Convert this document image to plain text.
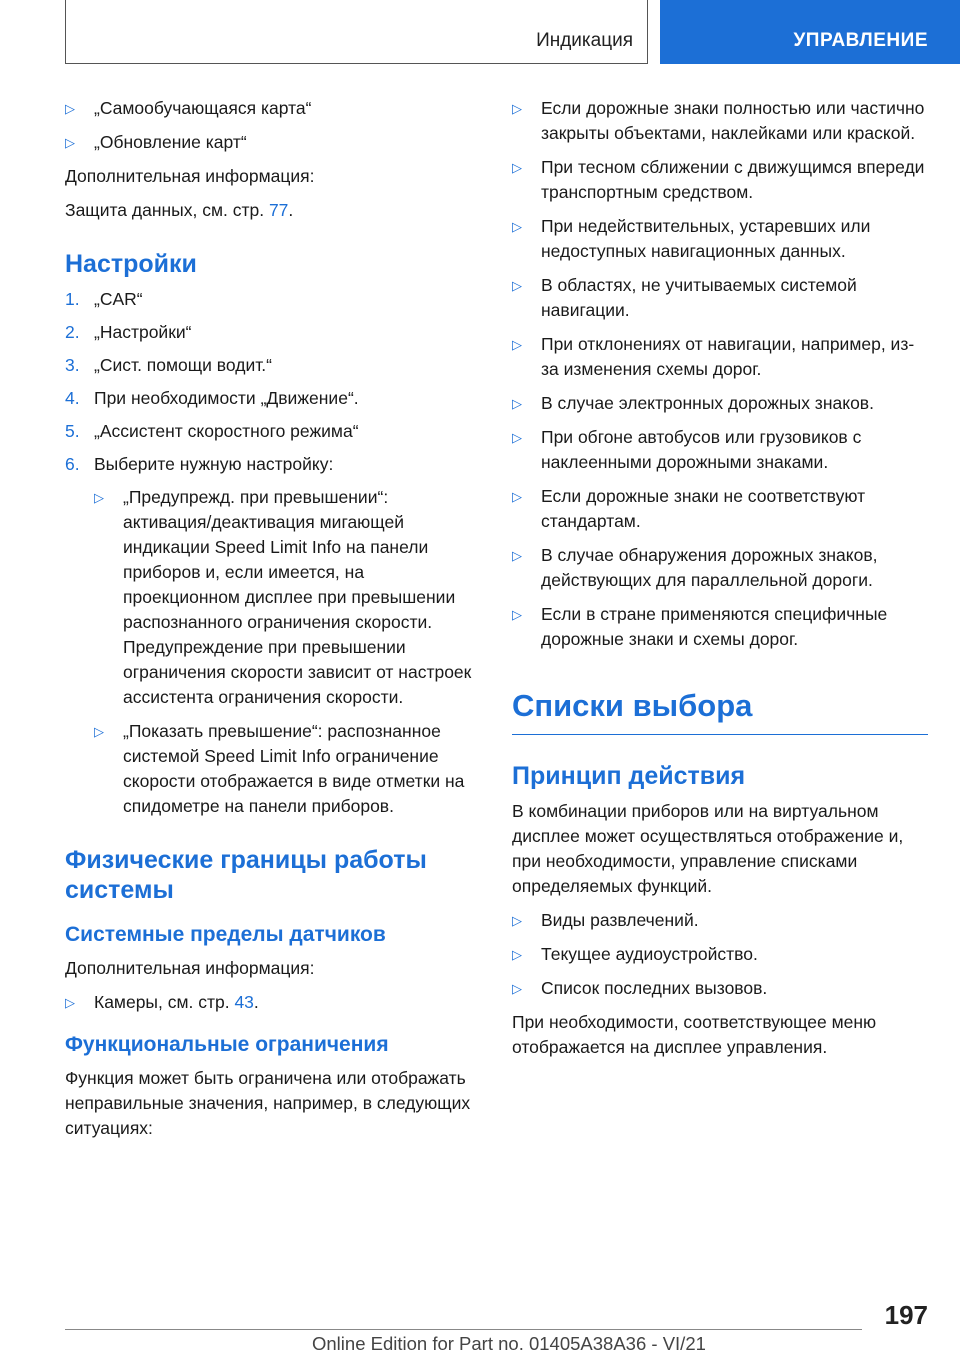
Индикация	УПРАВЛЕНИЕ
▷	„Самообучающаяся карта“
▷	„Обновление карт“

Дополнительная информация:

Защита данных, см. стр. 77.

Настройки
1. „CAR“
2. „Настройки“
3. „Сист. помощи водит.“
4. При необходимости „Движение“.
5. „Ассистент скоростного режима“
6. Выберите нужную настройку:
▷	„Предупрежд. при превышении“: активация/деактивация мигающей индикации Speed Limit Info на панели приборов и, если имеется, на проекционном дисплее при превышении распознанного ограничения скорости. Предупреждение при превышении ограничения скорости зависит от настроек ассистента ограничения скорости.
▷	„Показать превышение“: распознанное системой Speed Limit Info ограничение скорости отображается в виде отметки на спидометре на панели приборов.
Физические границы работы системы
Системные пределы датчиков

Дополнительная информация:

▷	Камеры, см. стр. 43.
Функциональные ограничения

Функция может быть ограничена или отображать неправильные значения, например, в следующих ситуациях:

▷	Если дорожные знаки полностью или частично закрыты объектами, наклейками или краской.
▷	При тесном сближении с движущимся впереди транспортным средством.
▷	При недействительных, устаревших или недоступных навигационных данных.
▷	В областях, не учитываемых системой навигации.
▷	При отклонениях от навигации, например, из-за изменения схемы дорог.
▷	В случае электронных дорожных знаков.
▷	При обгоне автобусов или грузовиков с наклеенными дорожными знаками.
▷	Если дорожные знаки не соответствуют стандартам.
▷	В случае обнаружения дорожных знаков, действующих для параллельной дороги.
▷	Если в стране применяются специфичные дорожные знаки и схемы дорог.
Списки выбора
Принцип действия

В комбинации приборов или на виртуальном дисплее может осуществляться отображение и, при необходимости, управление списками определяемых функций.

▷	Виды развлечений.
▷	Текущее аудиоустройство.
▷	Список последних вызовов.

При необходимости, соответствующее меню отображается на дисплее управления.

197
Online Edition for Part no. 01405A38A36 - VI/21
